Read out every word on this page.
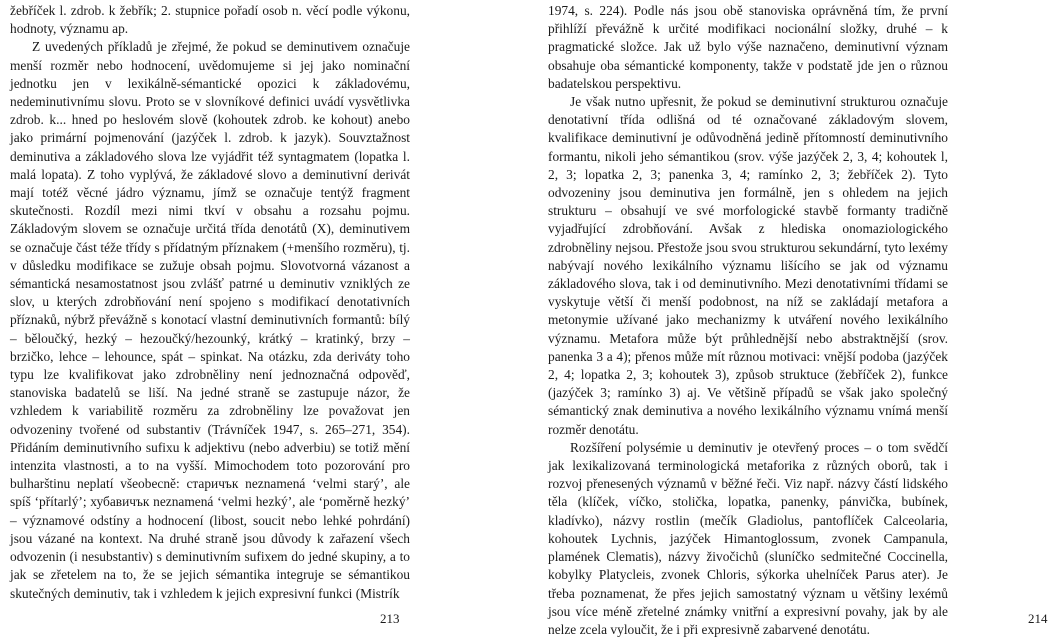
žebříček l. zdrob. k žebřík; 2. stupnice pořadí osob n. věcí podle výkonu, hodnoty, významu ap.

Z uvedených příkladů je zřejmé, že pokud se deminutivem označuje menší rozměr nebo hodnocení, uvědomujeme si jej jako nominační jednotku jen v lexikálně-sémantické opozici k základovému, nedeminutivnímu slovu. Proto se v slovníkové definici uvádí vysvětlivka zdrob. k... hned po heslovém slově (kohoutek zdrob. ke kohout) anebo jako primární pojmenování (jazýček l. zdrob. k jazyk). Souvztažnost deminutiva a základového slova lze vyjádřit též syntagmatem (lopatka l. malá lopata). Z toho vyplývá, že základové slovo a deminutivní derivát mají totéž věcné jádro významu, jímž se označuje tentýž fragment skutečnosti. Rozdíl mezi nimi tkví v obsahu a rozsahu pojmu. Základovým slovem se označuje určitá třída denotátů (X), deminutivem se označuje část téže třídy s přídatným příznakem (+menšího rozměru), tj. v důsledku modifikace se zužuje obsah pojmu. Slovotvorná vázanost a sémantická nesamostatnost jsou zvlášť patrné u deminutiv vzniklých ze slov, u kterých zdrobňování není spojeno s modifikací denotativních příznaků, nýbrž převážně s konotací vlastní deminutivních formantů: bílý – běloučký, hezký – hezoučký/hezounký, krátký – kratinký, brzy – brzičko, lehce – lehounce, spát – spinkat. Na otázku, zda deriváty toho typu lze kvalifikovat jako zdrobněliny není jednoznačná odpověď, stanoviska badatelů se liší. Na jedné straně se zastupuje názor, že vzhledem k variabilitě rozměru za zdrobněliny lze považovat jen odvozeniny tvořené od substantiv (Trávníček 1947, s. 265–271, 354). Přidáním deminutivního sufixu k adjektivu (nebo adverbiu) se totiž mění intenzita vlastnosti, a to na vyšší. Mimochodem toto pozorování pro bulharštinu neplatí všeobecně: старичък neznamená ‘velmi starý’, ale spíš ‘přítarlý’; хубавичък neznamená ‘velmi hezký’, ale ‘poměrně hezký’ – významové odstíny a hodnocení (libost, soucit nebo lehké pohrdání) jsou vázané na kontext. Na druhé straně jsou důvody k zařazení všech odvozenin (i nesubstantiv) s deminutivním sufixem do jedné skupiny, a to jak se zřetelem na to, že se jejich sémantika integruje se sémantikou skutečných deminutiv, tak i vzhledem k jejich expresivní funkci (Mistrík

213

1974, s. 224). Podle nás jsou obě stanoviska oprávněná tím, že první přihlíží převážně k určité modifikaci nocionální složky, druhé – k pragmatické složce. Jak už bylo výše naznačeno, deminutivní význam obsahuje oba sémantické komponenty, takže v podstatě jde jen o různou badatelskou perspektivu.

Je však nutno upřesnit, že pokud se deminutivní strukturou označuje denotativní třída odlišná od té označované základovým slovem, kvalifikace deminutivní je odůvodněná jedině přítomností deminutivního formantu, nikoli jeho sémantikou (srov. výše jazýček 2, 3, 4; kohoutek l, 2, 3; lopatka 2, 3; panenka 3, 4; ramínko 2, 3; žebříček 2). Tyto odvozeniny jsou deminutiva jen formálně, jen s ohledem na jejich strukturu – obsahují ve své morfologické stavbě formanty tradičně vyjadřující zdrobňování. Avšak z hlediska onomaziologického zdrobněliny nejsou. Přestože jsou svou strukturou sekundární, tyto lexémy nabývají nového lexikálního významu lišícího se jak od významu základového slova, tak i od deminutivního. Mezi denotativními třídami se vyskytuje větší či menší podobnost, na níž se zakládají metafora a metonymie užívané jako mechanizmy k utváření nového lexikálního významu. Metafora může být průhlednější nebo abstraktnější (srov. panenka 3 a 4); přenos může mít různou motivaci: vnější podoba (jazýček 2, 4; lopatka 2, 3; kohoutek 3), způsob struktuce (žebříček 2), funkce (jazýček 3; ramínko 3) aj. Ve většině případů se však jako společný sémantický znak deminutiva a nového lexikálního významu vnímá menší rozměr denotátu.

Rozšíření polysémie u deminutiv je otevřený proces – o tom svědčí jak lexikalizovaná terminologická metaforika z různých oborů, tak i rozvoj přenesených významů v běžné řeči. Viz např. názvy částí lidského těla (klíček, víčko, stolička, lopatka, panenky, pánvička, bubínek, kladívko), názvy rostlin (mečík Gladiolus, pantoflíček Calceolaria, kohoutek Lychnis, jazýček Himantoglossum, zvonek Campanula, plamének Clematis), názvy živočichů (sluníčko sedmitečné Coccinella, kobylky Platycleis, zvonek Chloris, sýkorka uhelníček Parus ater). Je třeba poznamenat, že přes jejich samostatný význam u většiny lexémů jsou více méně zřetelné známky vnitřní a expresivní povahy, jak by ale nelze zcela vyloučit, že i při expresivně zabarvené denotátu.

214
